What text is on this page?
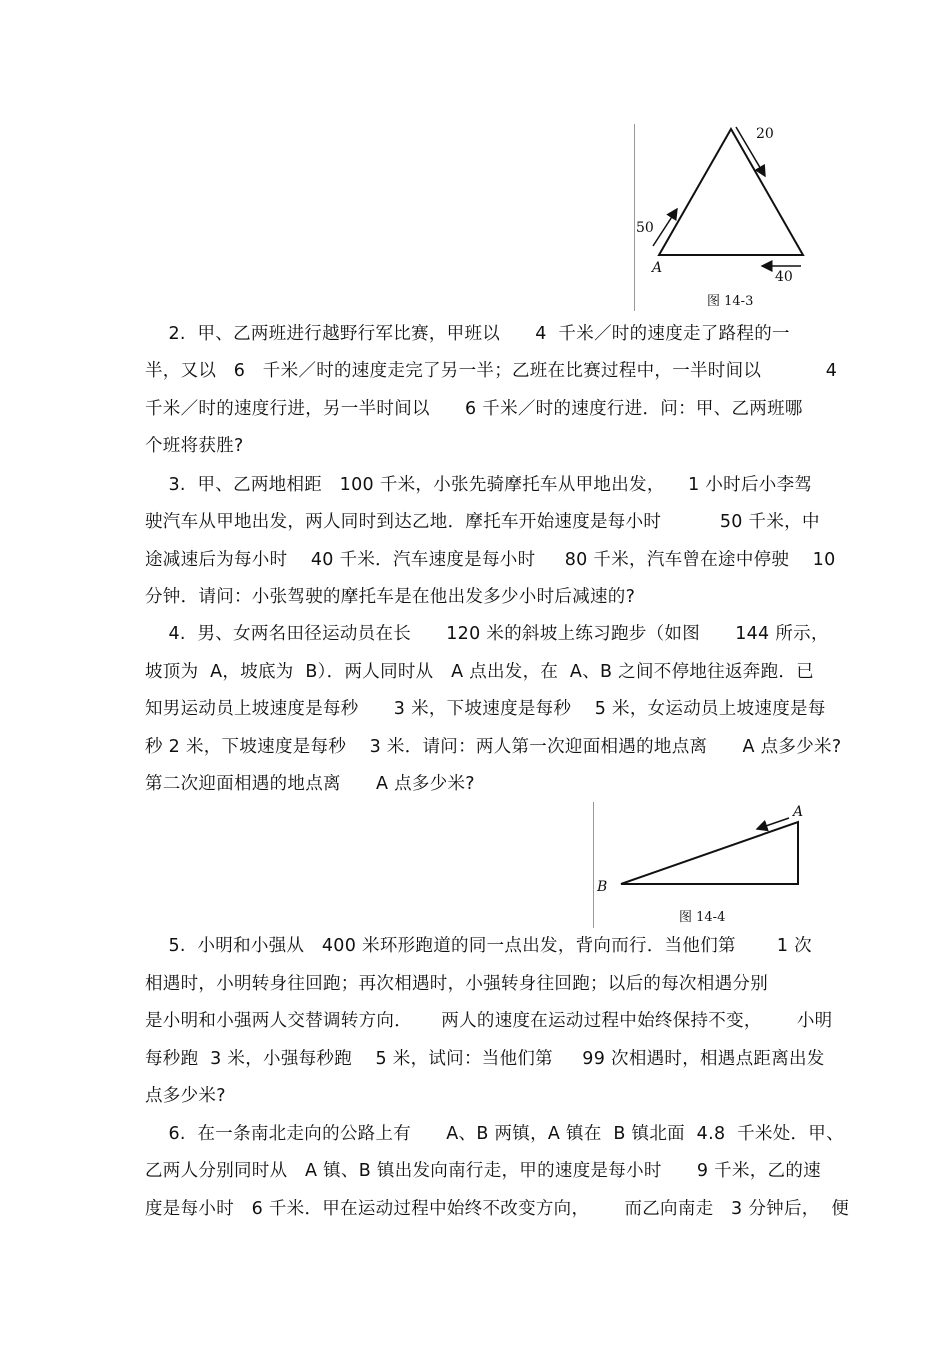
20
50
40
A
图 14-3
A
B
图 14-4

2.  甲、乙两班进行越野行军比赛，甲班以      4  千米／时的速度走了路程的一

半，又以   6   千米／时的速度走完了另一半；乙班在比赛过程中，一半时间以           4

千米／时的速度行进，另一半时间以      6 千米／时的速度行进．问：甲、乙两班哪

个班将获胜?

3.  甲、乙两地相距   100 千米，小张先骑摩托车从甲地出发，    1 小时后小李驾

驶汽车从甲地出发，两人同时到达乙地．摩托车开始速度是每小时          50 千米，中

途减速后为每小时    40 千米．汽车速度是每小时     80 千米，汽车曾在途中停驶    10

分钟．请问：小张驾驶的摩托车是在他出发多少小时后减速的?

4.  男、女两名田径运动员在长      120 米的斜坡上练习跑步（如图      144 所示，

坡顶为  A，坡底为  B）．两人同时从   A 点出发，在  A、B 之间不停地往返奔跑．已

知男运动员上坡速度是每秒      3 米，下坡速度是每秒    5 米，女运动员上坡速度是每

秒 2 米，下坡速度是每秒    3 米．请问：两人第一次迎面相遇的地点离      A 点多少米?

第二次迎面相遇的地点离      A 点多少米?

5.  小明和小强从   400 米环形跑道的同一点出发，背向而行．当他们第       1 次

相遇时，小明转身往回跑；再次相遇时，小强转身往回跑；以后的每次相遇分别

是小明和小强两人交替调转方向．     两人的速度在运动过程中始终保持不变，      小明

每秒跑  3 米，小强每秒跑    5 米，试问：当他们第     99 次相遇时，相遇点距离出发

点多少米?

6.  在一条南北走向的公路上有      A、B 两镇，A 镇在  B 镇北面  4.8  千米处．甲、

乙两人分别同时从   A 镇、B 镇出发向南行走，甲的速度是每小时      9 千米，乙的速

度是每小时   6 千米．甲在运动过程中始终不改变方向，      而乙向南走   3 分钟后，  便
